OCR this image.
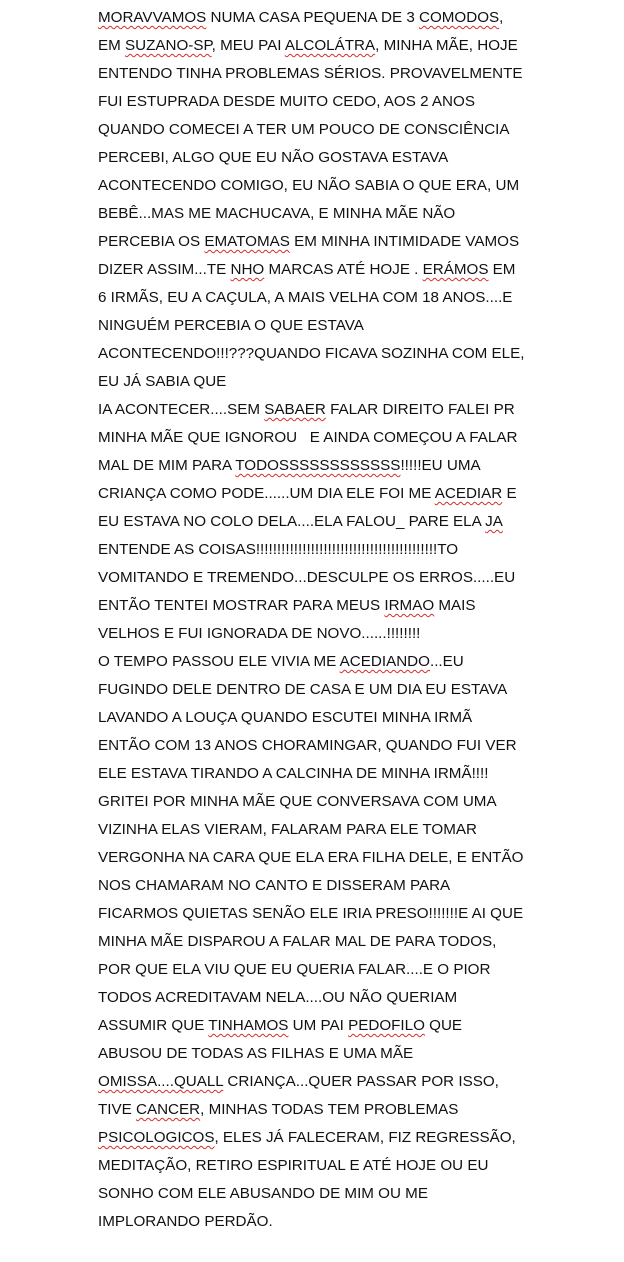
MORAVVAMOS NUMA CASA PEQUENA DE 3 COMODOS,
EM SUZANO-SP, MEU PAI ALCOLÁTRA, MINHA MÃE, HOJE
ENTENDO TINHA PROBLEMAS SÉRIOS. PROVAVELMENTE
FUI ESTUPRADA DESDE MUITO CEDO, AOS 2 ANOS
QUANDO COMECEI A TER UM POUCO DE CONSCIÊNCIA
PERCEBI, ALGO QUE EU NÃO GOSTAVA ESTAVA
ACONTECENDO COMIGO, EU NÃO SABIA O QUE ERA, UM
BEBÊ...MAS ME MACHUCAVA, E MINHA MÃE NÃO
PERCEBIA OS EMATOMAS EM MINHA INTIMIDADE VAMOS
DIZER ASSIM...TE NHO MARCAS ATÉ HOJE . ERÁMOS EM
6 IRMÃS, EU A CAÇULA, A MAIS VELHA COM 18 ANOS....E
NINGUÉM PERCEBIA O QUE ESTAVA
ACONTECENDO!!!???QUANDO FICAVA SOZINHA COM ELE,
EU JÁ SABIA QUE
IA ACONTECER....SEM SABAER FALAR DIREITO FALEI PR
MINHA MÃE QUE IGNOROU   E AINDA COMEÇOU A FALAR
MAL DE MIM PARA TODOSSSSSSSSSSSS!!!!!EU UMA
CRIANÇA COMO PODE......UM DIA ELE FOI ME ACEDIAR E
EU ESTAVA NO COLO DELA....ELA FALOU_ PARE ELA JA
ENTENDE AS COISAS!!!!!!!!!!!!!!!!!!!!!!!!!!!!!!!!!!!!!!!!!!!TO
VOMITANDO E TREMENDO...DESCULPE OS ERROS.....EU
ENTÃO TENTEI MOSTRAR PARA MEUS IRMAO MAIS
VELHOS E FUI IGNORADA DE NOVO......!!!!!!!!
O TEMPO PASSOU ELE VIVIA ME ACEDIANDO...EU
FUGINDO DELE DENTRO DE CASA E UM DIA EU ESTAVA
LAVANDO A LOUÇA QUANDO ESCUTEI MINHA IRMÃ
ENTÃO COM 13 ANOS CHORAMINGAR, QUANDO FUI VER
ELE ESTAVA TIRANDO A CALCINHA DE MINHA IRMÃ!!!!
GRITEI POR MINHA MÃE QUE CONVERSAVA COM UMA
VIZINHA ELAS VIERAM, FALARAM PARA ELE TOMAR
VERGONHA NA CARA QUE ELA ERA FILHA DELE, E ENTÃO
NOS CHAMARAM NO CANTO E DISSERAM PARA
FICARMOS QUIETAS SENÃO ELE IRIA PRESO!!!!!!!E AI QUE
MINHA MÃE DISPAROU A FALAR MAL DE PARA TODOS,
POR QUE ELA VIU QUE EU QUERIA FALAR....E O PIOR
TODOS ACREDITAVAM NELA....OU NÃO QUERIAM
ASSUMIR QUE TINHAMOS UM PAI PEDOFILO QUE
ABUSOU DE TODAS AS FILHAS E UMA MÃE
OMISSA....QUALL CRIANÇA...QUER PASSAR POR ISSO,
TIVE CANCER, MINHAS TODAS TEM PROBLEMAS
PSICOLOGICOS, ELES JÁ FALECERAM, FIZ REGRESSÃO,
MEDITAÇÃO, RETIRO ESPIRITUAL E ATÉ HOJE OU EU
SONHO COM ELE ABUSANDO DE MIM OU ME
IMPLORANDO PERDÃO.
